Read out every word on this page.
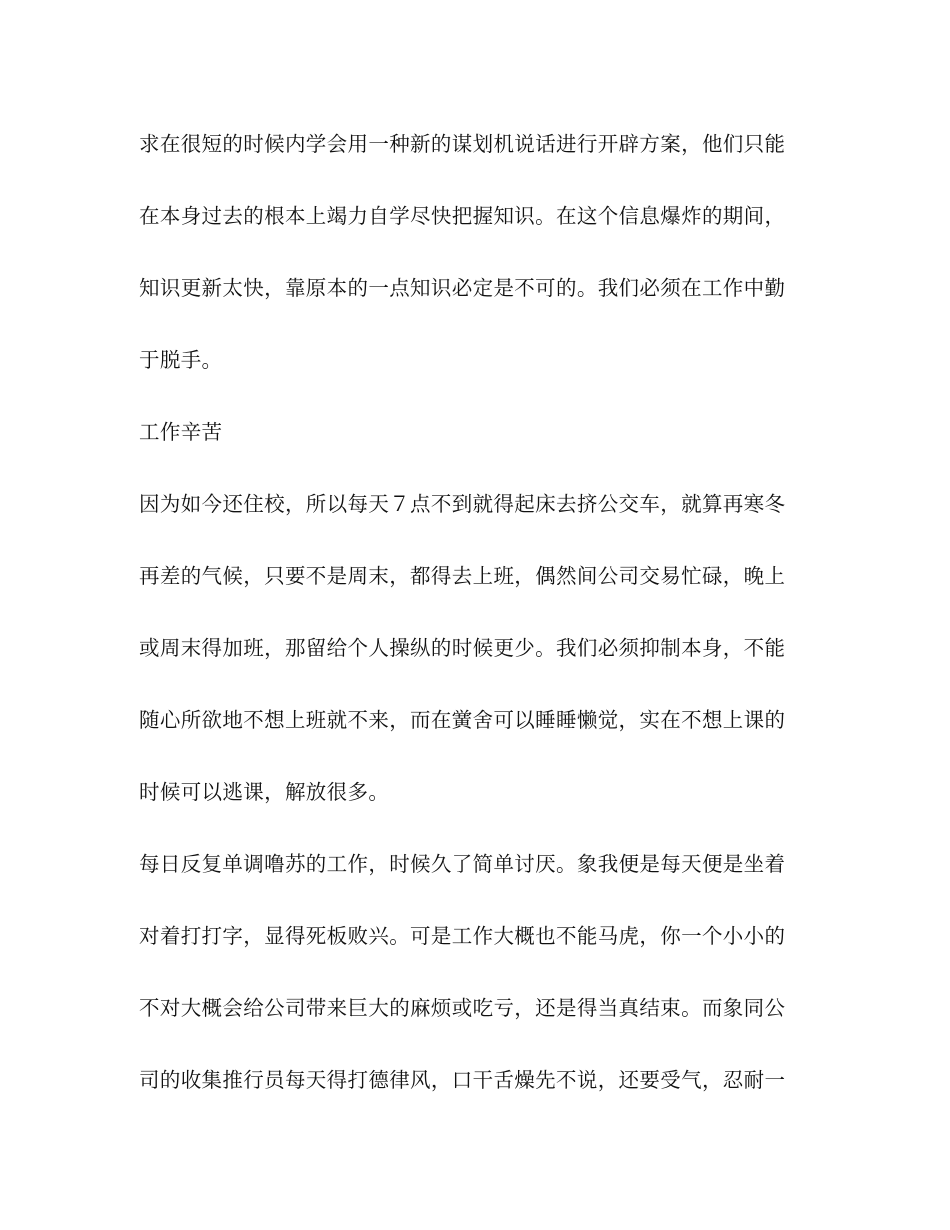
求在很短的时候内学会用一种新的谋划机说话进行开辟方案，他们只能
在本身过去的根本上竭力自学尽快把握知识。在这个信息爆炸的期间，
知识更新太快，靠原本的一点知识必定是不可的。我们必须在工作中勤
于脱手。
工作辛苦
因为如今还住校，所以每天７点不到就得起床去挤公交车，就算再寒冬
再差的气候，只要不是周末，都得去上班，偶然间公司交易忙碌，晚上
或周末得加班，那留给个人操纵的时候更少。我们必须抑制本身，不能
随心所欲地不想上班就不来，而在黉舍可以睡睡懒觉，实在不想上课的
时候可以逃课，解放很多。
每日反复单调噜苏的工作，时候久了简单讨厌。象我便是每天便是坐着
对着打打字，显得死板败兴。可是工作大概也不能马虎，你一个小小的
不对大概会给公司带来巨大的麻烦或吃亏，还是得当真结束。而象同公
司的收集推行员每天得打德律风，口干舌燥先不说，还要受气，忍耐一
